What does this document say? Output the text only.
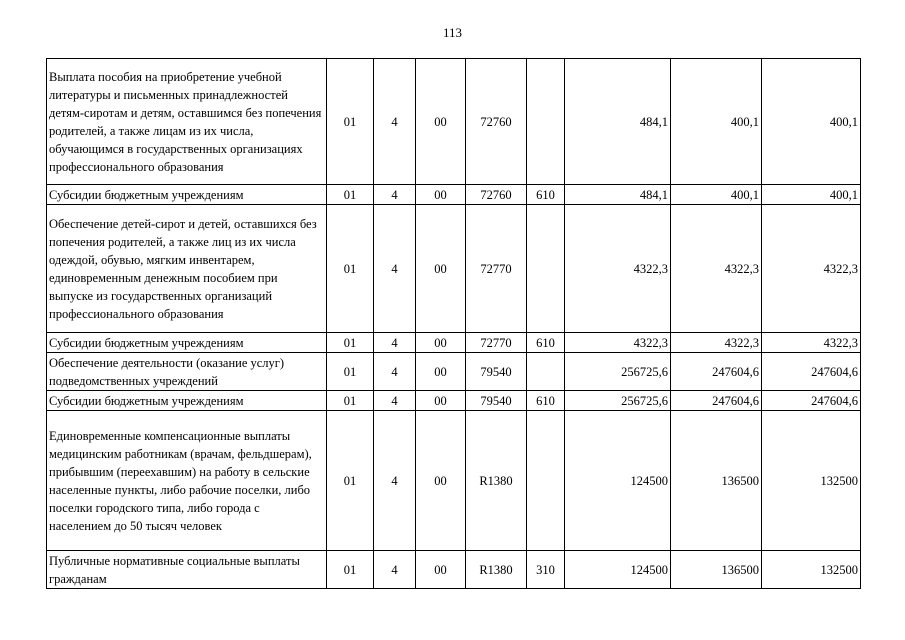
113
Выплата пособия на приобретение учебной литературы и письменных принадлежностей детям-сиротам и детям, оставшимся без попечения родителей, а также лицам из их числа, обучающимся в государственных организациях профессионального образования	01	4	00	72760		484,1	400,1	400,1
Субсидии бюджетным учреждениям	01	4	00	72760	610	484,1	400,1	400,1
Обеспечение детей-сирот и детей, оставшихся без попечения родителей, а также лиц из их числа одеждой, обувью, мягким инвентарем, единовременным денежным пособием при выпуске из государственных организаций профессионального образования	01	4	00	72770		4322,3	4322,3	4322,3
Субсидии бюджетным учреждениям	01	4	00	72770	610	4322,3	4322,3	4322,3
Обеспечение деятельности (оказание услуг) подведомственных учреждений	01	4	00	79540		256725,6	247604,6	247604,6
Субсидии бюджетным учреждениям	01	4	00	79540	610	256725,6	247604,6	247604,6
Единовременные компенсационные выплаты медицинским работникам (врачам, фельдшерам), прибывшим (переехавшим) на работу в сельские населенные пункты, либо рабочие поселки, либо поселки городского типа, либо города с населением до 50 тысяч человек	01	4	00	R1380		124500	136500	132500
Публичные нормативные социальные выплаты гражданам	01	4	00	R1380	310	124500	136500	132500
